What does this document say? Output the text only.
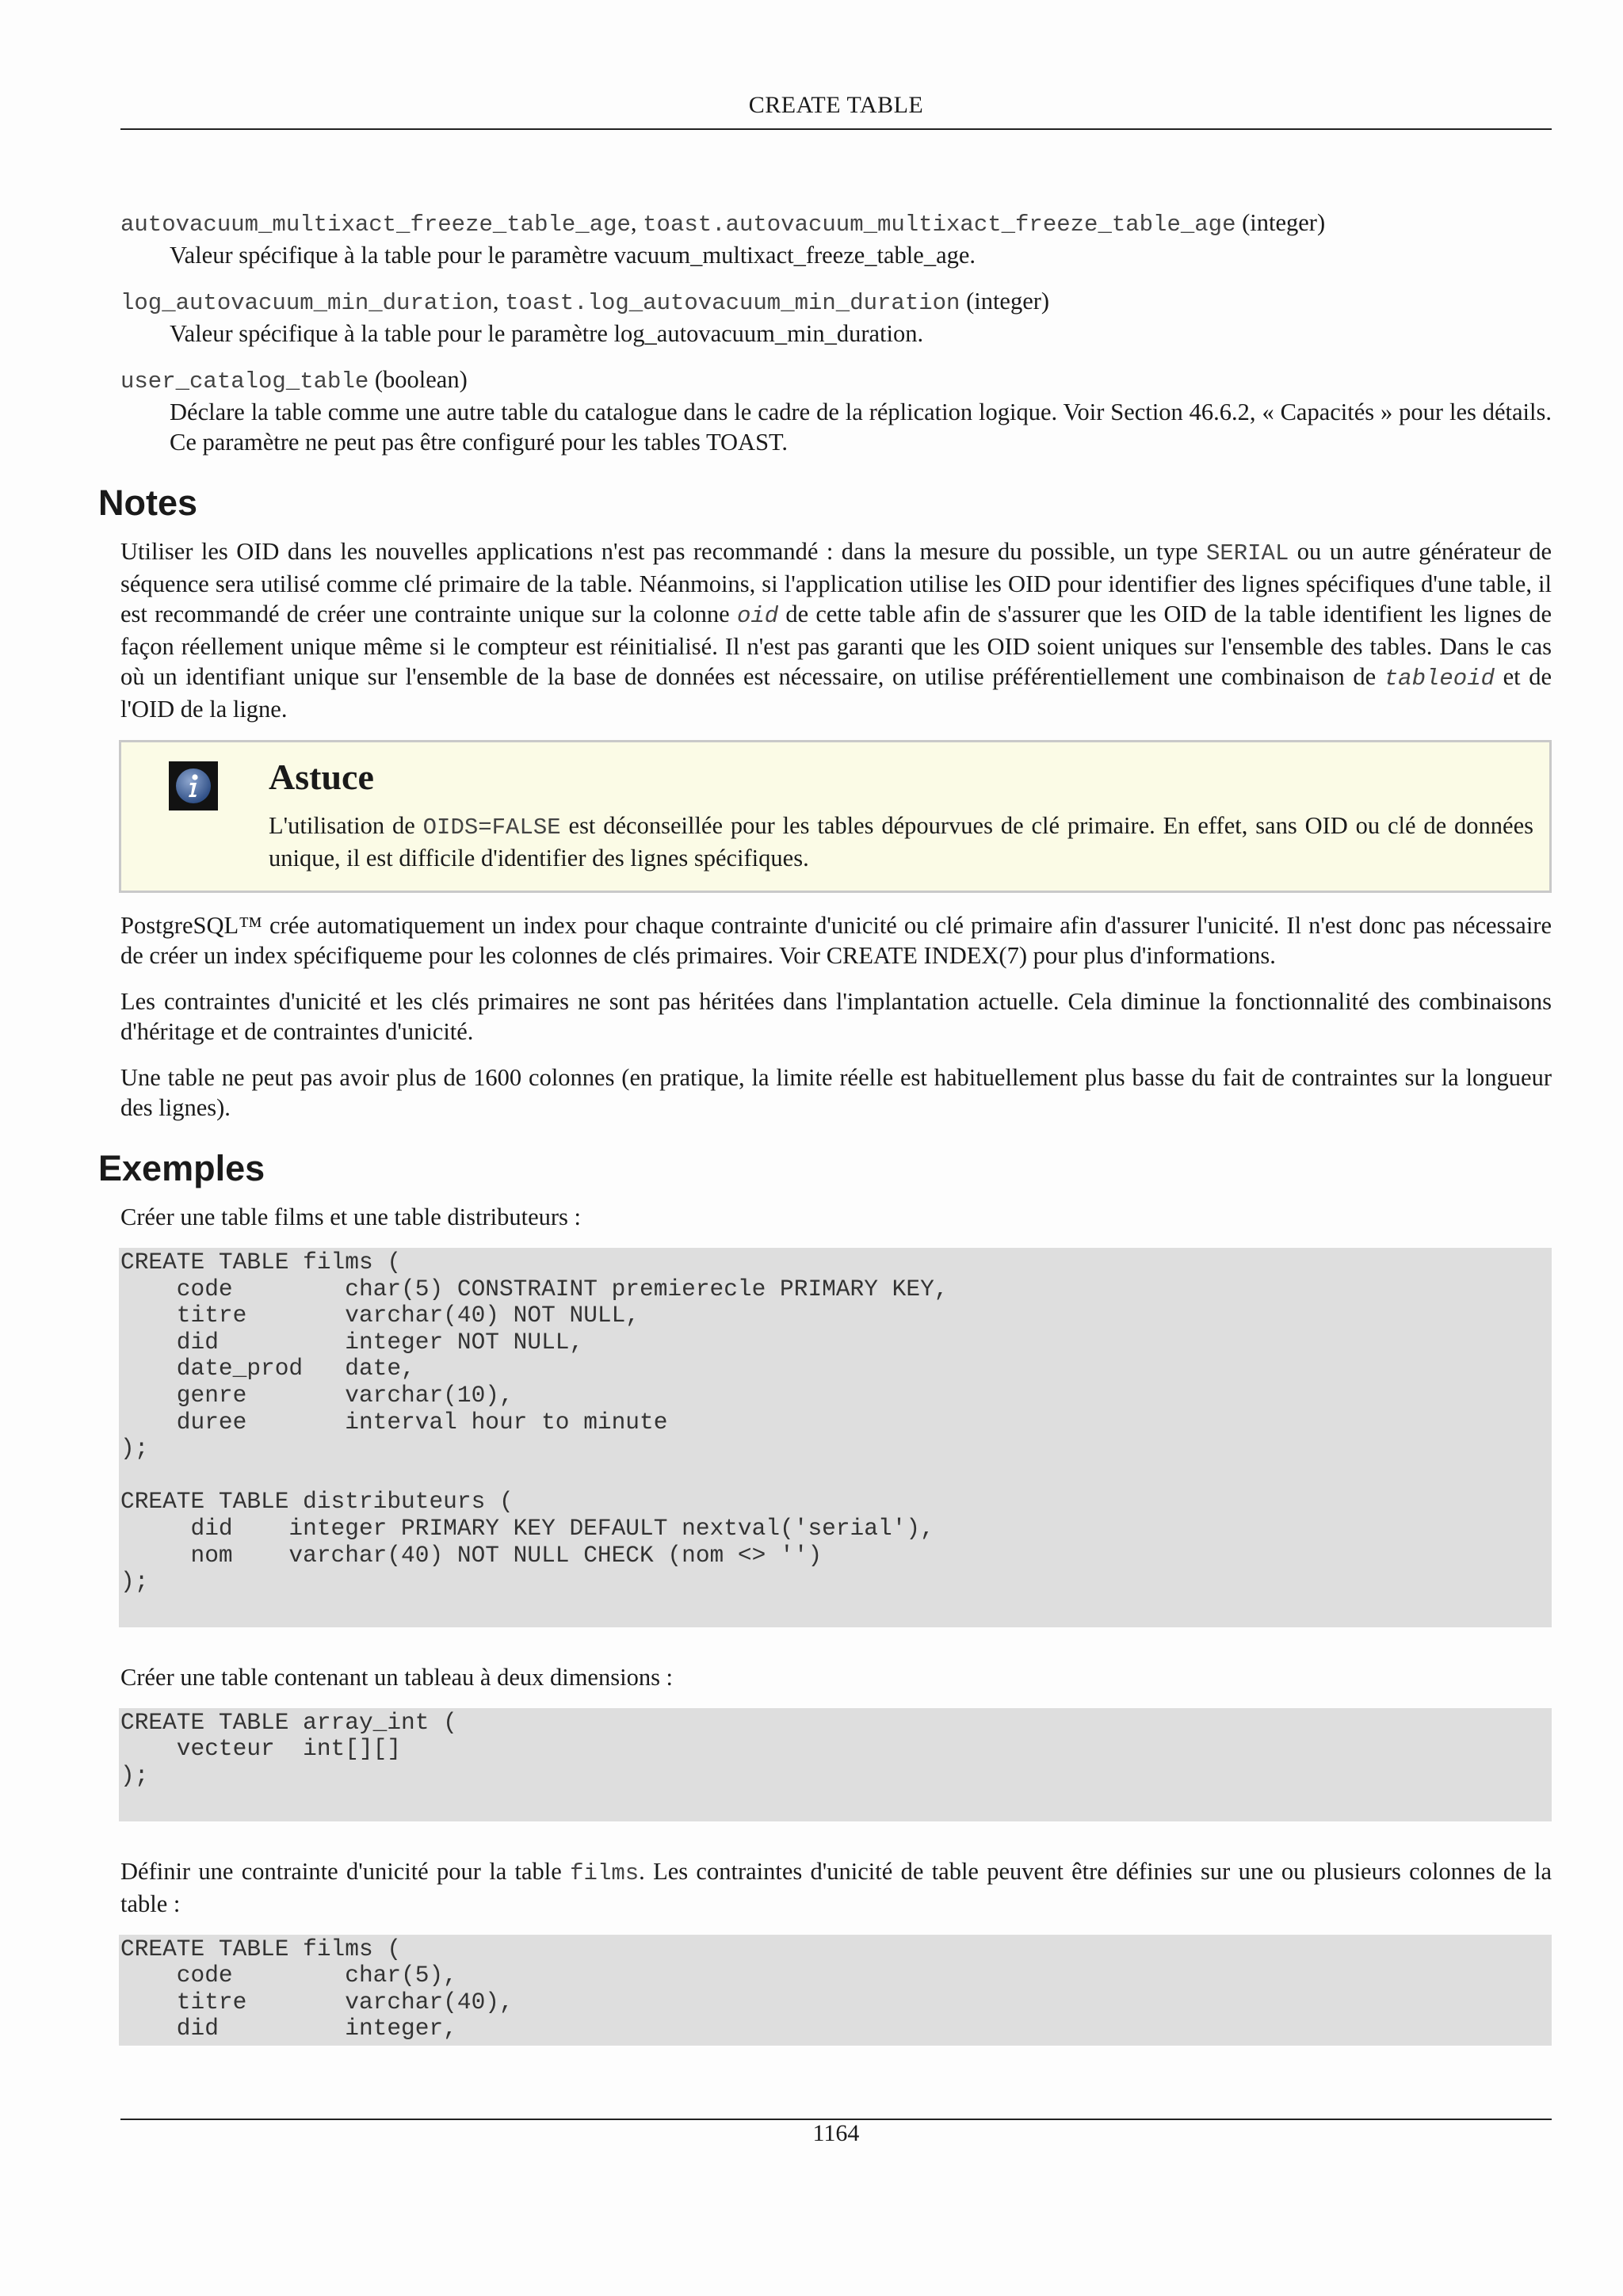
CREATE TABLE
autovacuum_multixact_freeze_table_age, toast.autovacuum_multixact_freeze_table_age (integer)
Valeur spécifique à la table pour le paramètre vacuum_multixact_freeze_table_age.
log_autovacuum_min_duration, toast.log_autovacuum_min_duration (integer)
Valeur spécifique à la table pour le paramètre log_autovacuum_min_duration.
user_catalog_table (boolean)
Déclare la table comme une autre table du catalogue dans le cadre de la réplication logique. Voir Section 46.6.2, « Capacités » pour les détails. Ce paramètre ne peut pas être configuré pour les tables TOAST.
Notes

Utiliser les OID dans les nouvelles applications n'est pas recommandé : dans la mesure du possible, un type SERIAL ou un autre générateur de séquence sera utilisé comme clé primaire de la table. Néanmoins, si l'application utilise les OID pour identifier des lignes spécifiques d'une table, il est recommandé de créer une contrainte unique sur la colonne oid de cette table afin de s'assurer que les OID de la table identifient les lignes de façon réellement unique même si le compteur est réinitialisé. Il n'est pas garanti que les OID soient uniques sur l'ensemble des tables. Dans le cas où un identifiant unique sur l'ensemble de la base de données est nécessaire, on utilise préférentiellement une combinaison de tableoid et de l'OID de la ligne.

Astuce
L'utilisation de OIDS=FALSE est déconseillée pour les tables dépourvues de clé primaire. En effet, sans OID ou clé de données unique, il est difficile d'identifier des lignes spécifiques.

PostgreSQL™ crée automatiquement un index pour chaque contrainte d'unicité ou clé primaire afin d'assurer l'unicité. Il n'est donc pas nécessaire de créer un index spécifiqueme pour les colonnes de clés primaires. Voir CREATE INDEX(7) pour plus d'informations.

Les contraintes d'unicité et les clés primaires ne sont pas héritées dans l'implantation actuelle. Cela diminue la fonctionnalité des combinaisons d'héritage et de contraintes d'unicité.

Une table ne peut pas avoir plus de 1600 colonnes (en pratique, la limite réelle est habituellement plus basse du fait de contraintes sur la longueur des lignes).

Exemples

Créer une table films et une table distributeurs :

CREATE TABLE films (
code        char(5) CONSTRAINT premierecle PRIMARY KEY,
titre       varchar(40) NOT NULL,
did         integer NOT NULL,
date_prod   date,
genre       varchar(10),
duree       interval hour to minute
);

CREATE TABLE distributeurs (
did    integer PRIMARY KEY DEFAULT nextval('serial'),
nom    varchar(40) NOT NULL CHECK (nom <> '')
);

Créer une table contenant un tableau à deux dimensions :

CREATE TABLE array_int (
vecteur  int[][]
);

Définir une contrainte d'unicité pour la table films. Les contraintes d'unicité de table peuvent être définies sur une ou plusieurs colonnes de la table :

CREATE TABLE films (
code        char(5),
titre       varchar(40),
did         integer,
1164
